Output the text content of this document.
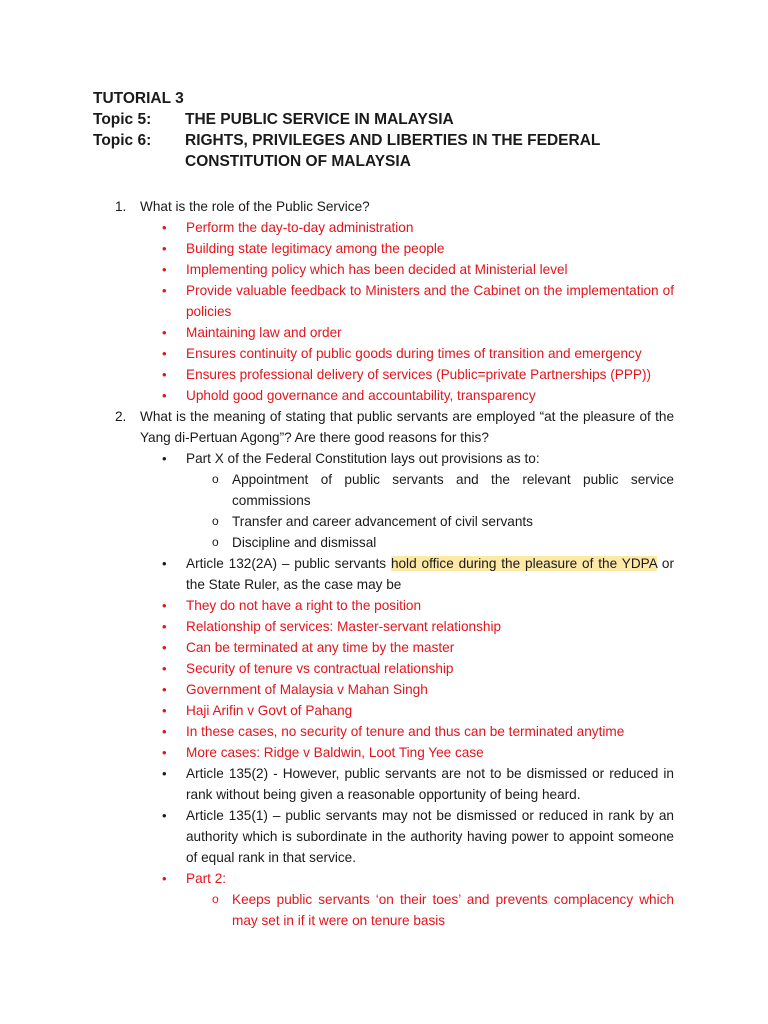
TUTORIAL 3
Topic 5:	THE PUBLIC SERVICE IN MALAYSIA
Topic 6:	RIGHTS, PRIVILEGES AND LIBERTIES IN THE FEDERAL
CONSTITUTION OF MALAYSIA
1. What is the role of the Public Service?
• Perform the day-to-day administration
• Building state legitimacy among the people
• Implementing policy which has been decided at Ministerial level
• Provide valuable feedback to Ministers and the Cabinet on the implementation of policies
• Maintaining law and order
• Ensures continuity of public goods during times of transition and emergency
• Ensures professional delivery of services (Public=private Partnerships (PPP))
• Uphold good governance and accountability, transparency
2. What is the meaning of stating that public servants are employed “at the pleasure of the Yang di-Pertuan Agong”? Are there good reasons for this?
• Part X of the Federal Constitution lays out provisions as to:
o Appointment of public servants and the relevant public service commissions
o Transfer and career advancement of civil servants
o Discipline and dismissal
• Article 132(2A) – public servants hold office during the pleasure of the YDPA or the State Ruler, as the case may be
• They do not have a right to the position
• Relationship of services: Master-servant relationship
• Can be terminated at any time by the master
• Security of tenure vs contractual relationship
• Government of Malaysia v Mahan Singh
• Haji Arifin v Govt of Pahang
• In these cases, no security of tenure and thus can be terminated anytime
• More cases: Ridge v Baldwin, Loot Ting Yee case
• Article 135(2) - However, public servants are not to be dismissed or reduced in rank without being given a reasonable opportunity of being heard.
• Article 135(1) – public servants may not be dismissed or reduced in rank by an authority which is subordinate in the authority having power to appoint someone of equal rank in that service.
• Part 2:
o Keeps public servants ‘on their toes’ and prevents complacency which may set in if it were on tenure basis
